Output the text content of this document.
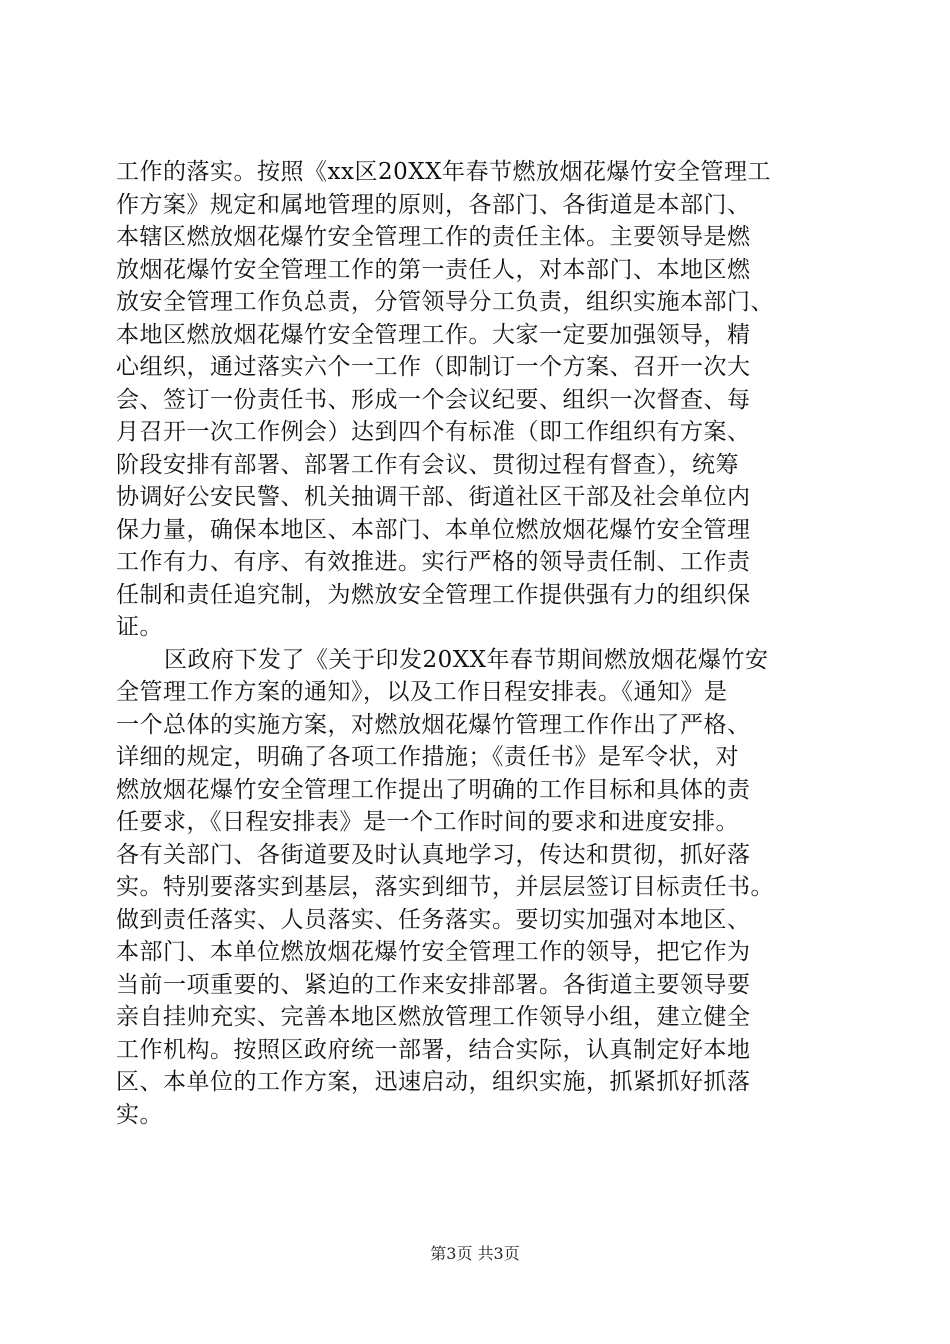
工作的落实。按照《xx区20XX年春节燃放烟花爆竹安全管理工
作方案》规定和属地管理的原则，各部门、各街道是本部门、
本辖区燃放烟花爆竹安全管理工作的责任主体。主要领导是燃
放烟花爆竹安全管理工作的第一责任人，对本部门、本地区燃
放安全管理工作负总责，分管领导分工负责，组织实施本部门、
本地区燃放烟花爆竹安全管理工作。大家一定要加强领导，精
心组织，通过落实六个一工作（即制订一个方案、召开一次大
会、签订一份责任书、形成一个会议纪要、组织一次督查、每
月召开一次工作例会）达到四个有标准（即工作组织有方案、
阶段安排有部署、部署工作有会议、贯彻过程有督查），统筹
协调好公安民警、机关抽调干部、街道社区干部及社会单位内
保力量，确保本地区、本部门、本单位燃放烟花爆竹安全管理
工作有力、有序、有效推进。实行严格的领导责任制、工作责
任制和责任追究制，为燃放安全管理工作提供强有力的组织保
证。
区政府下发了《关于印发20XX年春节期间燃放烟花爆竹安
全管理工作方案的通知》，以及工作日程安排表。《通知》是
一个总体的实施方案，对燃放烟花爆竹管理工作作出了严格、
详细的规定，明确了各项工作措施；《责任书》是军令状，对
燃放烟花爆竹安全管理工作提出了明确的工作目标和具体的责
任要求，《日程安排表》是一个工作时间的要求和进度安排。
各有关部门、各街道要及时认真地学习，传达和贯彻，抓好落
实。特别要落实到基层，落实到细节，并层层签订目标责任书。
做到责任落实、人员落实、任务落实。要切实加强对本地区、
本部门、本单位燃放烟花爆竹安全管理工作的领导，把它作为
当前一项重要的、紧迫的工作来安排部署。各街道主要领导要
亲自挂帅充实、完善本地区燃放管理工作领导小组，建立健全
工作机构。按照区政府统一部署，结合实际，认真制定好本地
区、本单位的工作方案，迅速启动，组织实施，抓紧抓好抓落
实。
第3页 共3页
